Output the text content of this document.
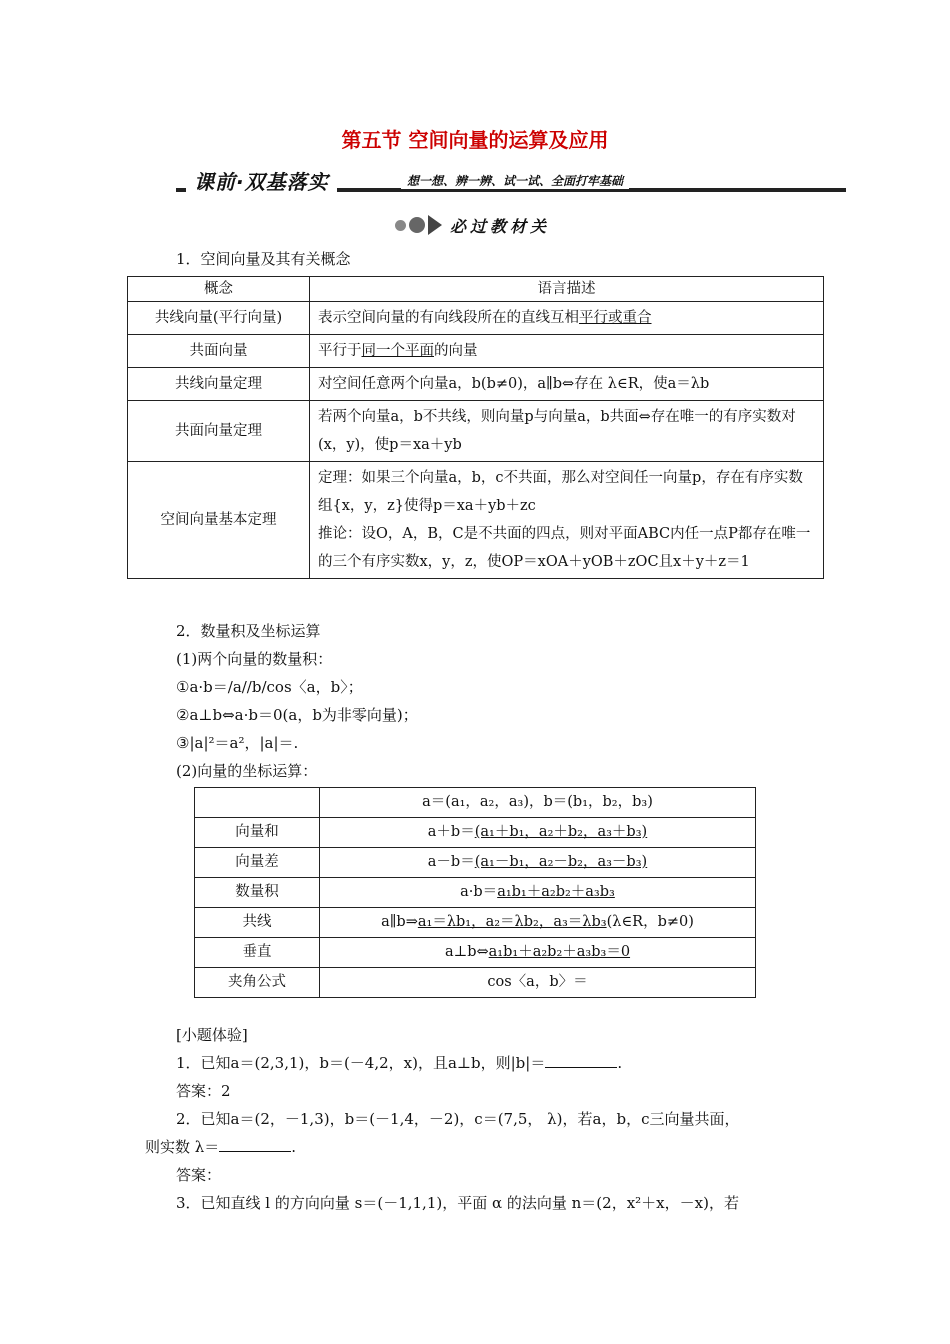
第五节 空间向量的运算及应用
课前·双基落实	想一想、辨一辨、试一试、全面打牢基础
必过教材关
1．空间向量及其有关概念
概念	语言描述
共线向量(平行向量)	表示空间向量的有向线段所在的直线互相平行或重合
共面向量	平行于同一个平面的向量
共线向量定理	对空间任意两个向量a，b(b≠0)，a∥b⇔存在 λ∈R，使a＝λb
共面向量定理	若两个向量a，b不共线，则向量p与向量a，b共面⇔存在唯一的有序实数对(x，y)，使p＝xa＋yb
空间向量基本定理	定理：如果三个向量a，b，c不共面，那么对空间任一向量p，存在有序实数组{x，y，z}使得p＝xa＋yb＋zc
推论：设O，A，B，C是不共面的四点，则对平面ABC内任一点P都存在唯一的三个有序实数x，y，z，使OP＝xOA＋yOB＋zOC且x＋y＋z＝1
2．数量积及坐标运算
(1)两个向量的数量积：
①a·b＝/a//b/cos〈a，b〉；
②a⊥b⇔a·b＝0(a，b为非零向量)；
③|a|²＝a²，|a|＝.
(2)向量的坐标运算：
	a＝(a₁，a₂，a₃)，b＝(b₁，b₂，b₃)
向量和	a＋b＝(a₁＋b₁，a₂＋b₂，a₃＋b₃)
向量差	a－b＝(a₁－b₁，a₂－b₂，a₃－b₃)
数量积	a·b＝a₁b₁＋a₂b₂＋a₃b₃
共线	a∥b⇒a₁＝λb₁，a₂＝λb₂，a₃＝λb₃(λ∈R，b≠0)
垂直	a⊥b⇔a₁b₁＋a₂b₂＋a₃b₃＝0
夹角公式	cos〈a，b〉＝
[小题体验]
1．已知a＝(2,3,1)，b＝(－4,2，x)，且a⊥b，则|b|＝	.
答案：2
2．已知a＝(2，－1,3)，b＝(－1,4，－2)，c＝(7,5， λ)，若a，b，c三向量共面，
则实数 λ＝	.
答案：
3．已知直线 l 的方向向量 s＝(－1,1,1)，平面 α 的法向量 n＝(2，x²＋x，－x)，若
